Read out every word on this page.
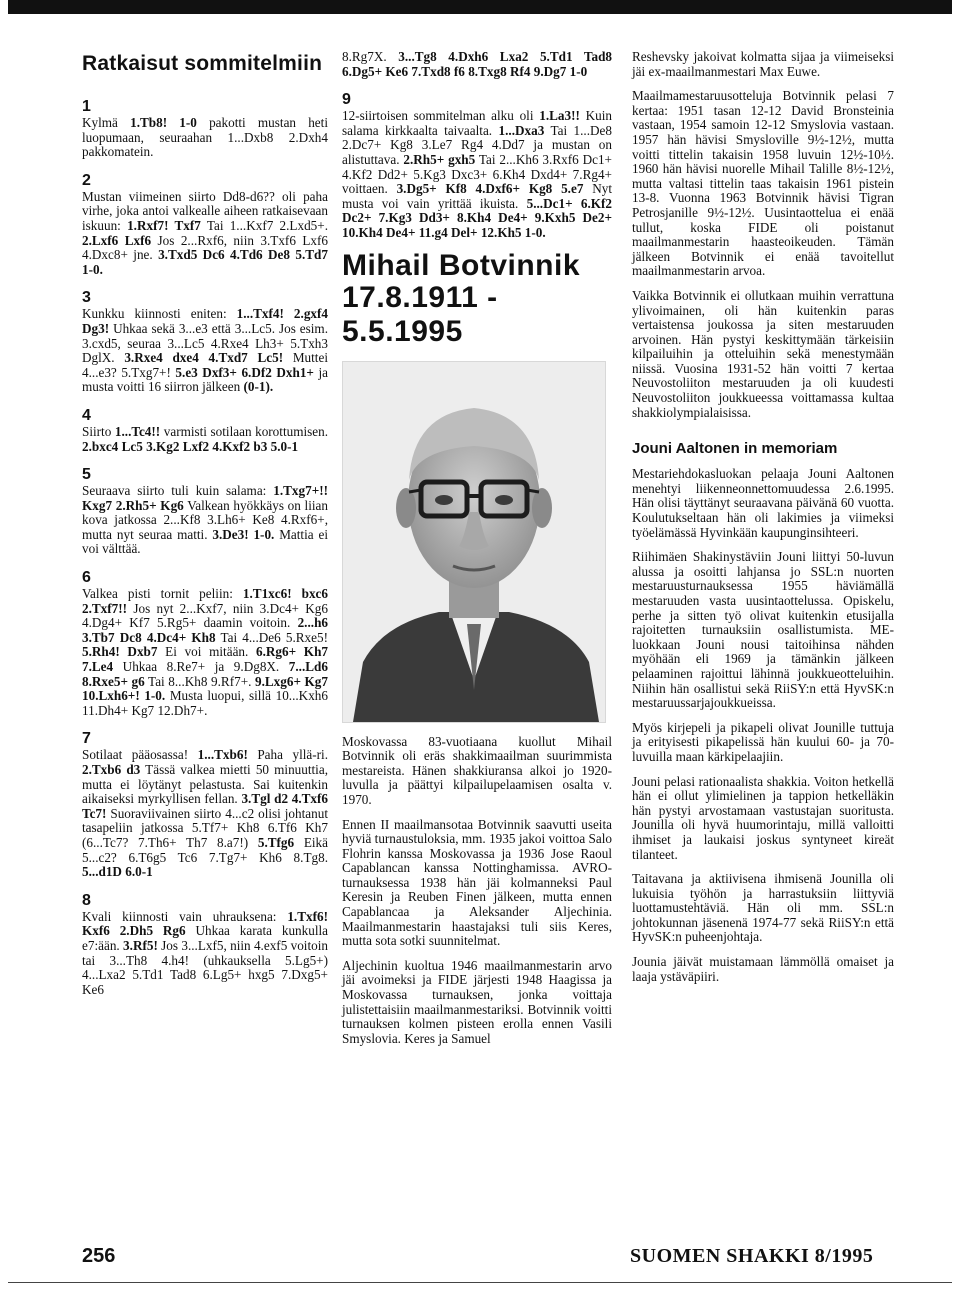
Ratkaisut sommitelmiin
1
Kylmä 1.Tb8! 1-0 pakotti mustan heti luopumaan, seuraahan 1...Dxb8 2.Dxh4 pakkomatein.
2
Mustan viimeinen siirto Dd8-d6?? oli paha virhe, joka antoi valkealle aiheen ratkaisevaan iskuun: 1.Rxf7! Txf7 Tai 1...Kxf7 2.Lxd5+. 2.Lxf6 Lxf6 Jos 2...Rxf6, niin 3.Txf6 Lxf6 4.Dxc8+ jne. 3.Txd5 Dc6 4.Td6 De8 5.Td7 1-0.
3
Kunkku kiinnosti eniten: 1...Txf4! 2.gxf4 Dg3! Uhkaa sekä 3...e3 että 3...Lc5. Jos esim. 3.cxd5, seuraa 3...Lc5 4.Rxe4 Lh3+ 5.Txh3 DglX. 3.Rxe4 dxe4 4.Txd7 Lc5! Muttei 4...e3? 5.Txg7+! 5.e3 Dxf3+ 6.Df2 Dxh1+ ja musta voitti 16 siirron jälkeen (0-1).
4
Siirto 1...Tc4!! varmisti sotilaan korottumisen. 2.bxc4 Lc5 3.Kg2 Lxf2 4.Kxf2 b3 5.0-1
5
Seuraava siirto tuli kuin salama: 1.Txg7+!! Kxg7 2.Rh5+ Kg6 Valkean hyökkäys on liian kova jatkossa 2...Kf8 3.Lh6+ Ke8 4.Rxf6+, mutta nyt seuraa matti. 3.De3! 1-0. Mattia ei voi välttää.
6
Valkea pisti tornit peliin: 1.T1xc6! bxc6 2.Txf7!! Jos nyt 2...Kxf7, niin 3.Dc4+ Kg6 4.Dg4+ Kf7 5.Rg5+ daamin voitoin. 2...h6 3.Tb7 Dc8 4.Dc4+ Kh8 Tai 4...De6 5.Rxe5! 5.Rh4! Dxb7 Ei voi mitään. 6.Rg6+ Kh7 7.Le4 Uhkaa 8.Re7+ ja 9.Dg8X. 7...Ld6 8.Rxe5+ g6 Tai 8...Kh8 9.Rf7+. 9.Lxg6+ Kg7 10.Lxh6+! 1-0. Musta luopui, sillä 10...Kxh6 11.Dh4+ Kg7 12.Dh7+.
7
Sotilaat pääosassa! 1...Txb6! Paha yllä-ri. 2.Txb6 d3 Tässä valkea mietti 50 minuuttia, mutta ei löytänyt pelastusta. Sai kuitenkin aikaiseksi myrkyllisen fellan. 3.Tgl d2 4.Txf6 Tc7! Suoraviivainen siirto 4...c2 olisi johtanut tasapeliin jatkossa 5.Tf7+ Kh8 6.Tf6 Kh7 (6...Tc7? 7.Th6+ Th7 8.a7!) 5.Tfg6 Eikä 5...c2? 6.T6g5 Tc6 7.Tg7+ Kh6 8.Tg8. 5...d1D 6.0-1
8
Kvali kiinnosti vain uhrauksena: 1.Txf6! Kxf6 2.Dh5 Rg6 Uhkaa karata kunkulla e7:ään. 3.Rf5! Jos 3...Lxf5, niin 4.exf5 voitoin tai 3...Th8 4.h4! (uhkauksella 5.Lg5+) 4...Lxa2 5.Td1 Tad8 6.Lg5+ hxg5 7.Dxg5+ Ke6
8.Rg7X. 3...Tg8 4.Dxh6 Lxa2 5.Td1 Tad8 6.Dg5+ Ke6 7.Txd8 f6 8.Txg8 Rf4 9.Dg7 1-0
9
12-siirtoisen sommitelman alku oli 1.La3!! Kuin salama kirkkaalta taivaalta. 1...Dxa3 Tai 1...De8 2.Dc7+ Kg8 3.Le7 Rg4 4.Dd7 ja mustan on alistuttava. 2.Rh5+ gxh5 Tai 2...Kh6 3.Rxf6 Dc1+ 4.Kf2 Dd2+ 5.Kg3 Dxc3+ 6.Kh4 Dxd4+ 7.Rg4+ voittaen. 3.Dg5+ Kf8 4.Dxf6+ Kg8 5.e7 Nyt musta voi vain yrittää ikuista. 5...Dc1+ 6.Kf2 Dc2+ 7.Kg3 Dd3+ 8.Kh4 De4+ 9.Kxh5 De2+ 10.Kh4 De4+ 11.g4 Del+ 12.Kh5 1-0.
Mihail Botvinnik
17.8.1911 - 5.5.1995
Moskovassa 83-vuotiaana kuollut Mihail Botvinnik oli eräs shakkimaailman suurimmista mestareista. Hänen shakkiuransa alkoi jo 1920-luvulla ja päättyi kilpailupelaamisen osalta v. 1970.
Ennen II maailmansotaa Botvinnik saavutti useita hyviä turnaustuloksia, mm. 1935 jakoi voittoa Salo Flohrin kanssa Moskovassa ja 1936 Jose Raoul Capablancan kanssa Nottinghamissa. AVRO-turnauksessa 1938 hän jäi kolmanneksi Paul Keresin ja Reuben Finen jälkeen, mutta ennen Capablancaa ja Aleksander Aljechinia. Maailmanmestarin haastajaksi tuli siis Keres, mutta sota sotki suunnitelmat.
Aljechinin kuoltua 1946 maailmanmestarin arvo jäi avoimeksi ja FIDE järjesti 1948 Haagissa ja Moskovassa turnauksen, jonka voittaja julistettaisiin maailmanmestariksi. Botvinnik voitti turnauksen kolmen pisteen erolla ennen Vasili Smyslovia. Keres ja Samuel
Reshevsky jakoivat kolmatta sijaa ja viimeiseksi jäi ex-maailmanmestari Max Euwe.
Maailmamestaruusotteluja Botvinnik pelasi 7 kertaa: 1951 tasan 12-12 David Bronsteinia vastaan, 1954 samoin 12-12 Smyslovia vastaan. 1957 hän hävisi Smysloville 9½-12½, mutta voitti tittelin takaisin 1958 luvuin 12½-10½. 1960 hän hävisi nuorelle Mihail Talille 8½-12½, mutta valtasi tittelin taas takaisin 1961 pistein 13-8. Vuonna 1963 Botvinnik hävisi Tigran Petrosjanille 9½-12½. Uusintaottelua ei enää tullut, koska FIDE oli poistanut maailmanmestarin haasteoikeuden. Tämän jälkeen Botvinnik ei enää tavoitellut maailmanmestarin arvoa.
Vaikka Botvinnik ei ollutkaan muihin verrattuna ylivoimainen, oli hän kuitenkin paras vertaistensa joukossa ja siten mestaruuden arvoinen. Hän pystyi keskittymään tärkeisiin kilpailuihin ja otteluihin sekä menestymään niissä. Vuosina 1931-52 hän voitti 7 kertaa Neuvostoliiton mestaruuden ja oli kuudesti Neuvostoliiton joukkueessa voittamassa kultaa shakkiolympialaisissa.
Jouni Aaltonen in memoriam
Mestariehdokasluokan pelaaja Jouni Aaltonen menehtyi liikenneonnettomuudessa 2.6.1995. Hän olisi täyttänyt seuraavana päivänä 60 vuotta. Koulutukseltaan hän oli lakimies ja viimeksi työelämässä Hyvinkään kaupunginsihteeri.
Riihimäen Shakinystäviin Jouni liittyi 50-luvun alussa ja osoitti lahjansa jo SSL:n nuorten mestaruusturnauksessa 1955 häviämällä mestaruuden vasta uusintaottelussa. Opiskelu, perhe ja sitten työ olivat kuitenkin etusijalla rajoitetten turnauksiin osallistumista. ME-luokkaan Jouni nousi taitoihinsa nähden myöhään eli 1969 ja tämänkin jälkeen pelaaminen rajoittui lähinnä joukkueotteluihin. Niihin hän osallistui sekä RiiSY:n että HyvSK:n mestaruussarjajoukkueissa.
Myös kirjepeli ja pikapeli olivat Jounille tuttuja ja erityisesti pikapelissä hän kuului 60- ja 70-luvuilla maan kärkipelaajiin.
Jouni pelasi rationaalista shakkia. Voiton hetkellä hän ei ollut ylimielinen ja tappion hetkelläkin hän pystyi arvostamaan vastustajan suoritusta. Jounilla oli hyvä huumorintaju, millä valloitti ihmiset ja laukaisi joskus syntyneet kireät tilanteet.
Taitavana ja aktiivisena ihmisenä Jounilla oli lukuisia työhön ja harrastuksiin liittyviä luottamustehtäviä. Hän oli mm. SSL:n johtokunnan jäsenenä 1974-77 sekä RiiSY:n että HyvSK:n puheenjohtaja.
Jounia jäivät muistamaan lämmöllä omaiset ja laaja ystäväpiiri.
256	SUOMEN SHAKKI 8/1995
